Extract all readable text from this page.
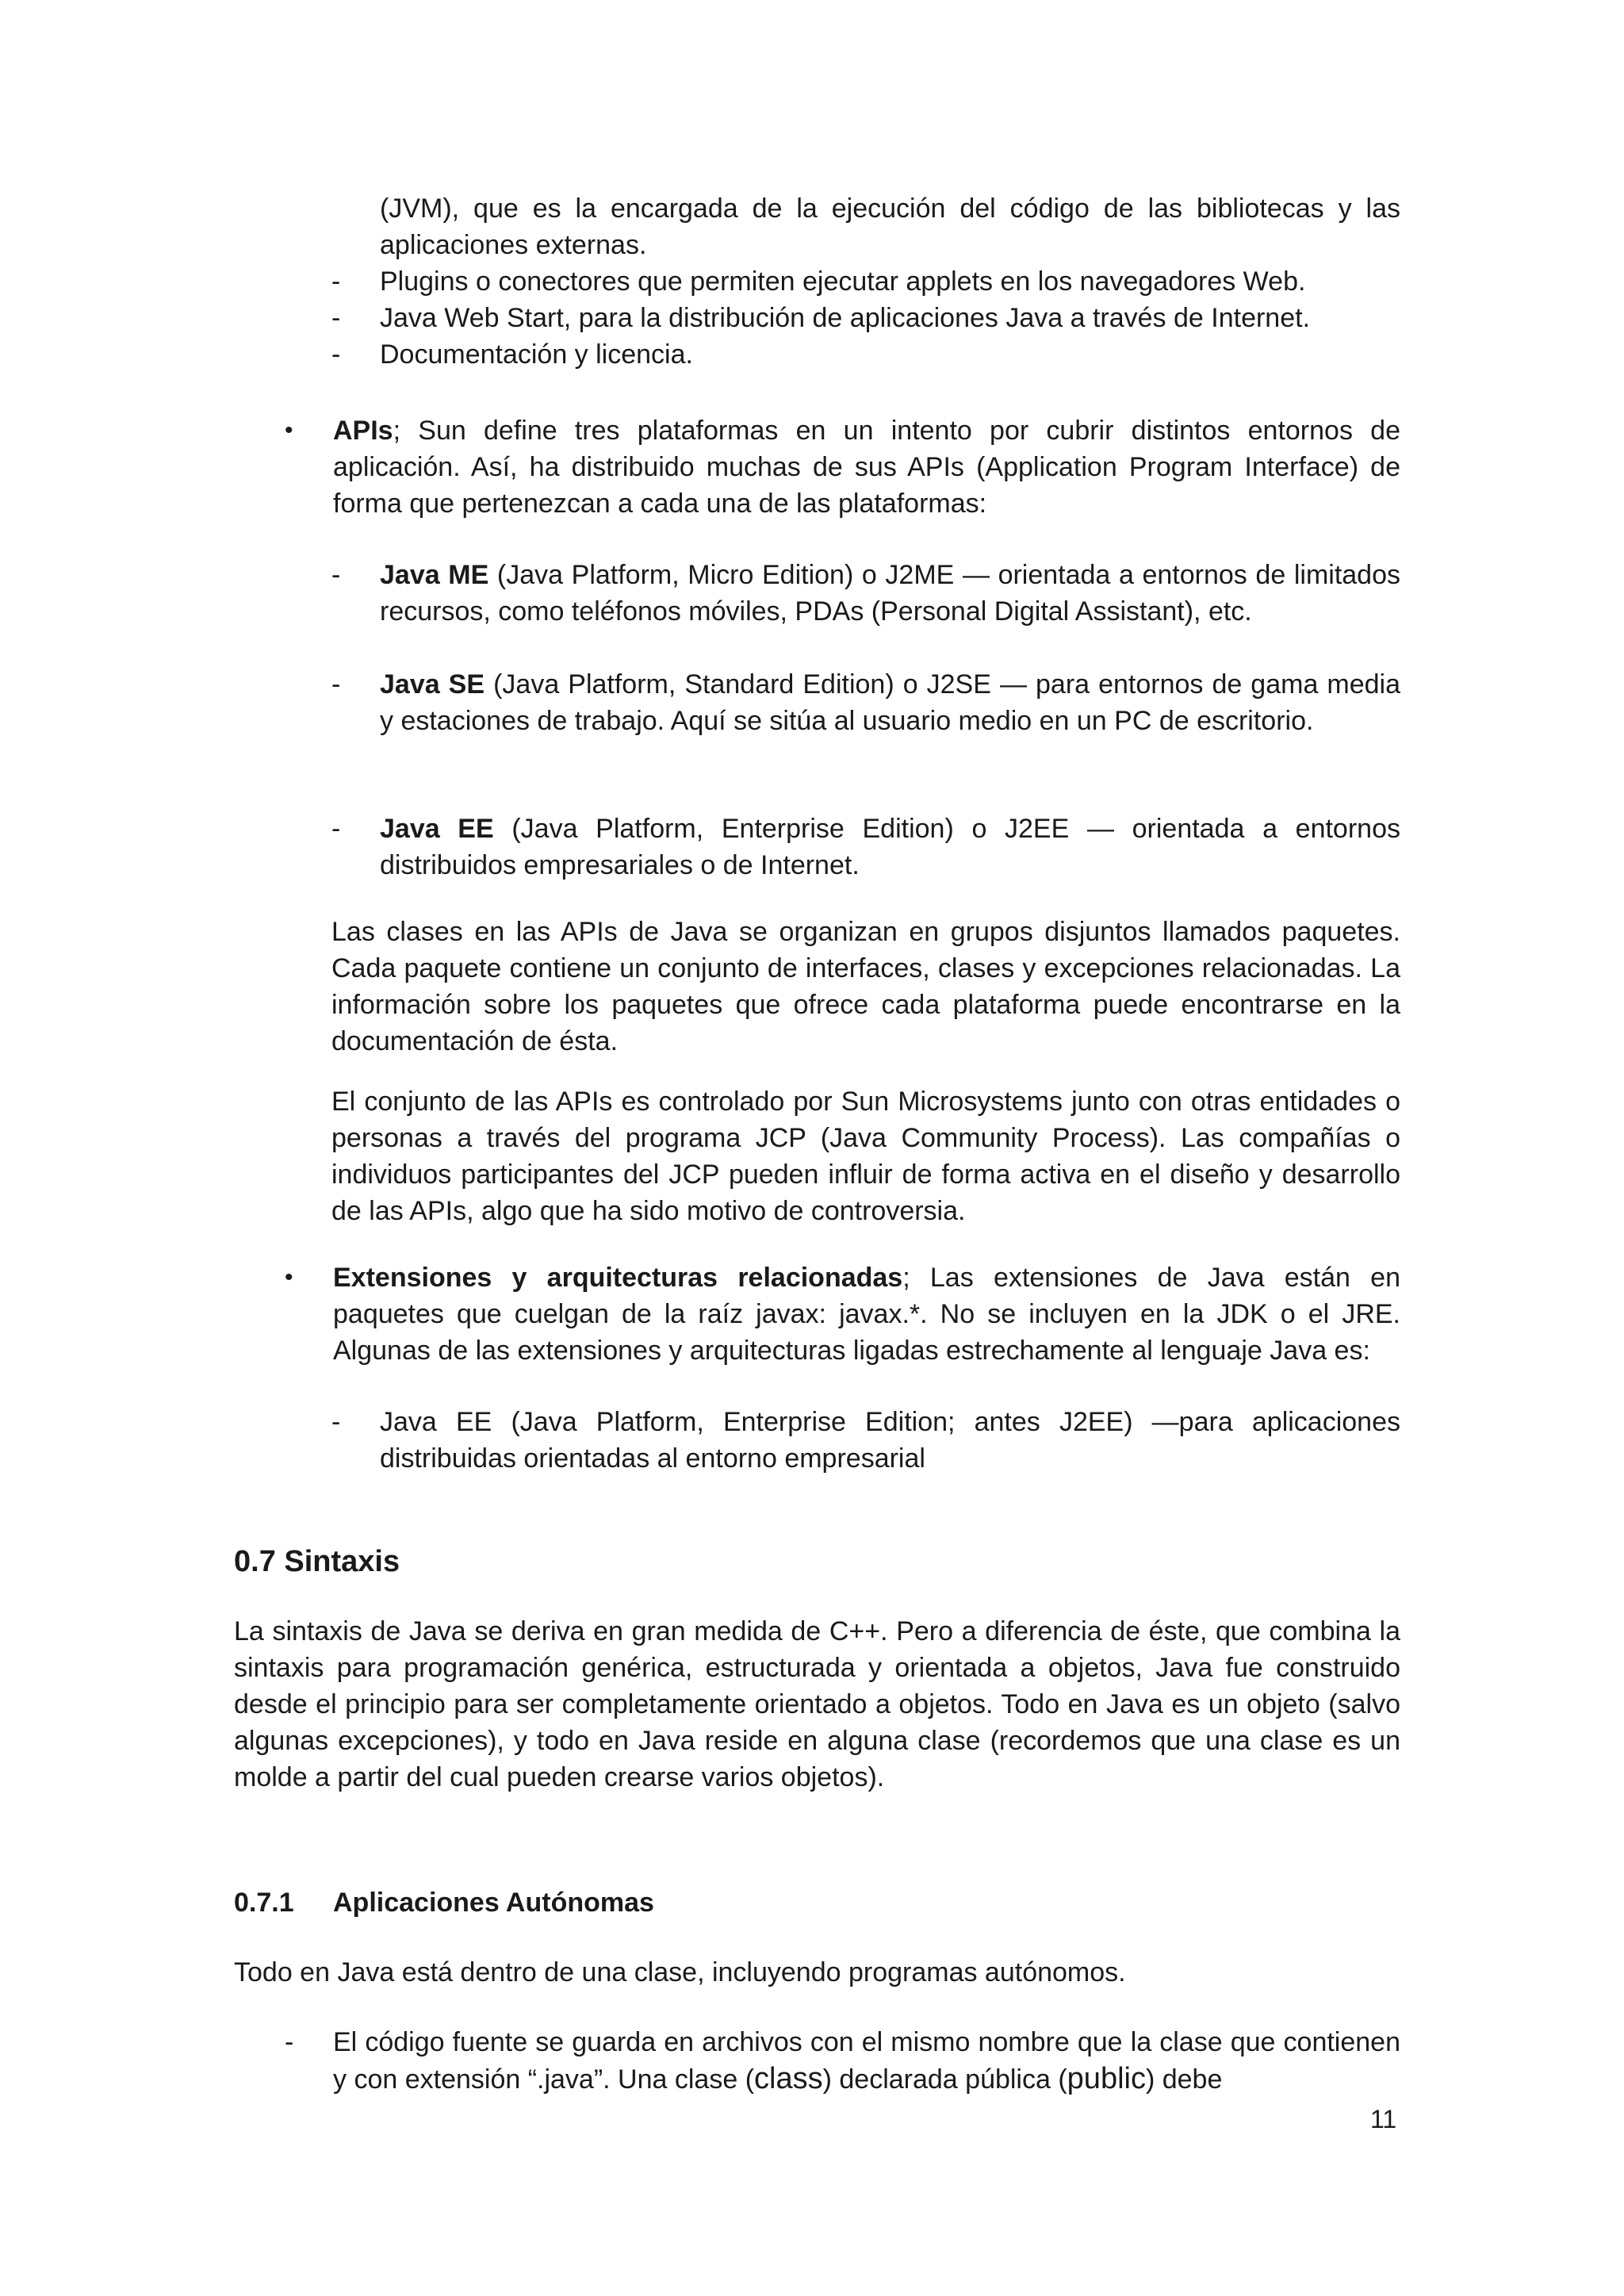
(JVM), que es la encargada de la ejecución del código de las bibliotecas y las aplicaciones externas.

- Plugins o conectores que permiten ejecutar applets en los navegadores Web.

- Java Web Start, para la distribución de aplicaciones Java a través de Internet.

- Documentación y licencia.

• APIs; Sun define tres plataformas en un intento por cubrir distintos entornos de aplicación. Así, ha distribuido muchas de sus APIs (Application Program Interface) de forma que pertenezcan a cada una de las plataformas:

- Java ME (Java Platform, Micro Edition) o J2ME — orientada a entornos de limitados recursos, como teléfonos móviles, PDAs (Personal Digital Assistant), etc.

- Java SE (Java Platform, Standard Edition) o J2SE — para entornos de gama media y estaciones de trabajo. Aquí se sitúa al usuario medio en un PC de escritorio.

- Java EE (Java Platform, Enterprise Edition) o J2EE — orientada a entornos distribuidos empresariales o de Internet.

Las clases en las APIs de Java se organizan en grupos disjuntos llamados paquetes. Cada paquete contiene un conjunto de interfaces, clases y excepciones relacionadas. La información sobre los paquetes que ofrece cada plataforma puede encontrarse en la documentación de ésta.

El conjunto de las APIs es controlado por Sun Microsystems junto con otras entidades o personas a través del programa JCP (Java Community Process). Las compañías o individuos participantes del JCP pueden influir de forma activa en el diseño y desarrollo de las APIs, algo que ha sido motivo de controversia.

• Extensiones y arquitecturas relacionadas; Las extensiones de Java están en paquetes que cuelgan de la raíz javax: javax.*. No se incluyen en la JDK o el JRE. Algunas de las extensiones y arquitecturas ligadas estrechamente al lenguaje Java es:

- Java EE (Java Platform, Enterprise Edition; antes J2EE) —para aplicaciones distribuidas orientadas al entorno empresarial

0.7 Sintaxis

La sintaxis de Java se deriva en gran medida de C++. Pero a diferencia de éste, que combina la sintaxis para programación genérica, estructurada y orientada a objetos, Java fue construido desde el principio para ser completamente orientado a objetos. Todo en Java es un objeto (salvo algunas excepciones), y todo en Java reside en alguna clase (recordemos que una clase es un molde a partir del cual pueden crearse varios objetos).

0.7.1 Aplicaciones Autónomas

Todo en Java está dentro de una clase, incluyendo programas autónomos.

- El código fuente se guarda en archivos con el mismo nombre que la clase que contienen y con extensión “.java”. Una clase (class) declarada pública (public) debe

11
